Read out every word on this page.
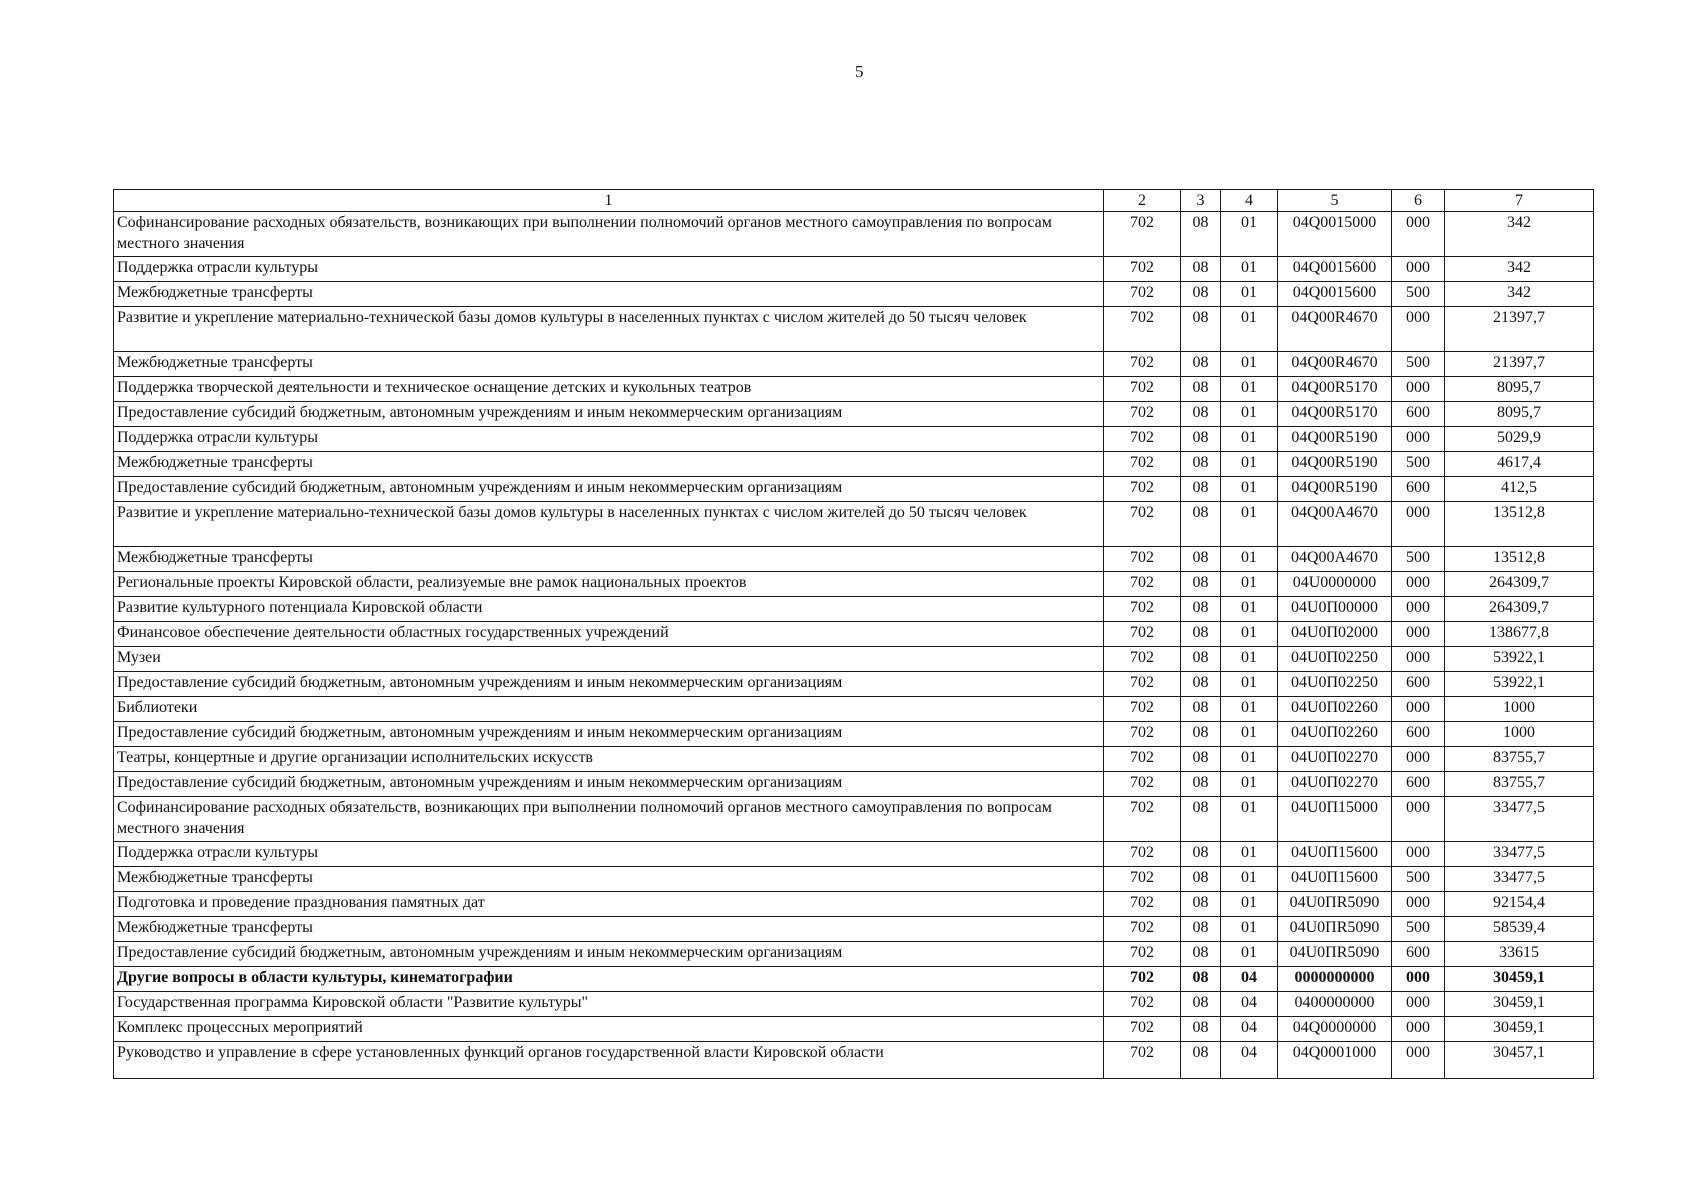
5
1	2	3	4	5	6	7
Софинансирование расходных обязательств, возникающих при выполнении полномочий органов местного самоуправления по вопросам местного значения	702	08	01	04Q0015000	000	342
Поддержка отрасли культуры	702	08	01	04Q0015600	000	342
Межбюджетные трансферты	702	08	01	04Q0015600	500	342
Развитие и укрепление материально-технической базы домов культуры в населенных пунктах с числом жителей до 50 тысяч человек	702	08	01	04Q00R4670	000	21397,7
Межбюджетные трансферты	702	08	01	04Q00R4670	500	21397,7
Поддержка творческой деятельности и техническое оснащение детских и кукольных театров	702	08	01	04Q00R5170	000	8095,7
Предоставление субсидий бюджетным, автономным учреждениям и иным некоммерческим организациям	702	08	01	04Q00R5170	600	8095,7
Поддержка отрасли культуры	702	08	01	04Q00R5190	000	5029,9
Межбюджетные трансферты	702	08	01	04Q00R5190	500	4617,4
Предоставление субсидий бюджетным, автономным учреждениям и иным некоммерческим организациям	702	08	01	04Q00R5190	600	412,5
Развитие и укрепление материально-технической базы домов культуры в населенных пунктах с числом жителей до 50 тысяч человек	702	08	01	04Q00A4670	000	13512,8
Межбюджетные трансферты	702	08	01	04Q00A4670	500	13512,8
Региональные проекты Кировской области, реализуемые вне рамок национальных проектов	702	08	01	04U0000000	000	264309,7
Развитие культурного потенциала Кировской области	702	08	01	04U0П00000	000	264309,7
Финансовое обеспечение деятельности областных государственных учреждений	702	08	01	04U0П02000	000	138677,8
Музеи	702	08	01	04U0П02250	000	53922,1
Предоставление субсидий бюджетным, автономным учреждениям и иным некоммерческим организациям	702	08	01	04U0П02250	600	53922,1
Библиотеки	702	08	01	04U0П02260	000	1000
Предоставление субсидий бюджетным, автономным учреждениям и иным некоммерческим организациям	702	08	01	04U0П02260	600	1000
Театры, концертные и другие организации исполнительских искусств	702	08	01	04U0П02270	000	83755,7
Предоставление субсидий бюджетным, автономным учреждениям и иным некоммерческим организациям	702	08	01	04U0П02270	600	83755,7
Софинансирование расходных обязательств, возникающих при выполнении полномочий органов местного самоуправления по вопросам местного значения	702	08	01	04U0П15000	000	33477,5
Поддержка отрасли культуры	702	08	01	04U0П15600	000	33477,5
Межбюджетные трансферты	702	08	01	04U0П15600	500	33477,5
Подготовка и проведение празднования памятных дат	702	08	01	04U0ПR5090	000	92154,4
Межбюджетные трансферты	702	08	01	04U0ПR5090	500	58539,4
Предоставление субсидий бюджетным, автономным учреждениям и иным некоммерческим организациям	702	08	01	04U0ПR5090	600	33615
Другие вопросы в области культуры, кинематографии	702	08	04	0000000000	000	30459,1
Государственная программа Кировской области "Развитие культуры"	702	08	04	0400000000	000	30459,1
Комплекс процессных мероприятий	702	08	04	04Q0000000	000	30459,1
Руководство и управление в сфере установленных функций органов государственной власти Кировской области	702	08	04	04Q0001000	000	30457,1
